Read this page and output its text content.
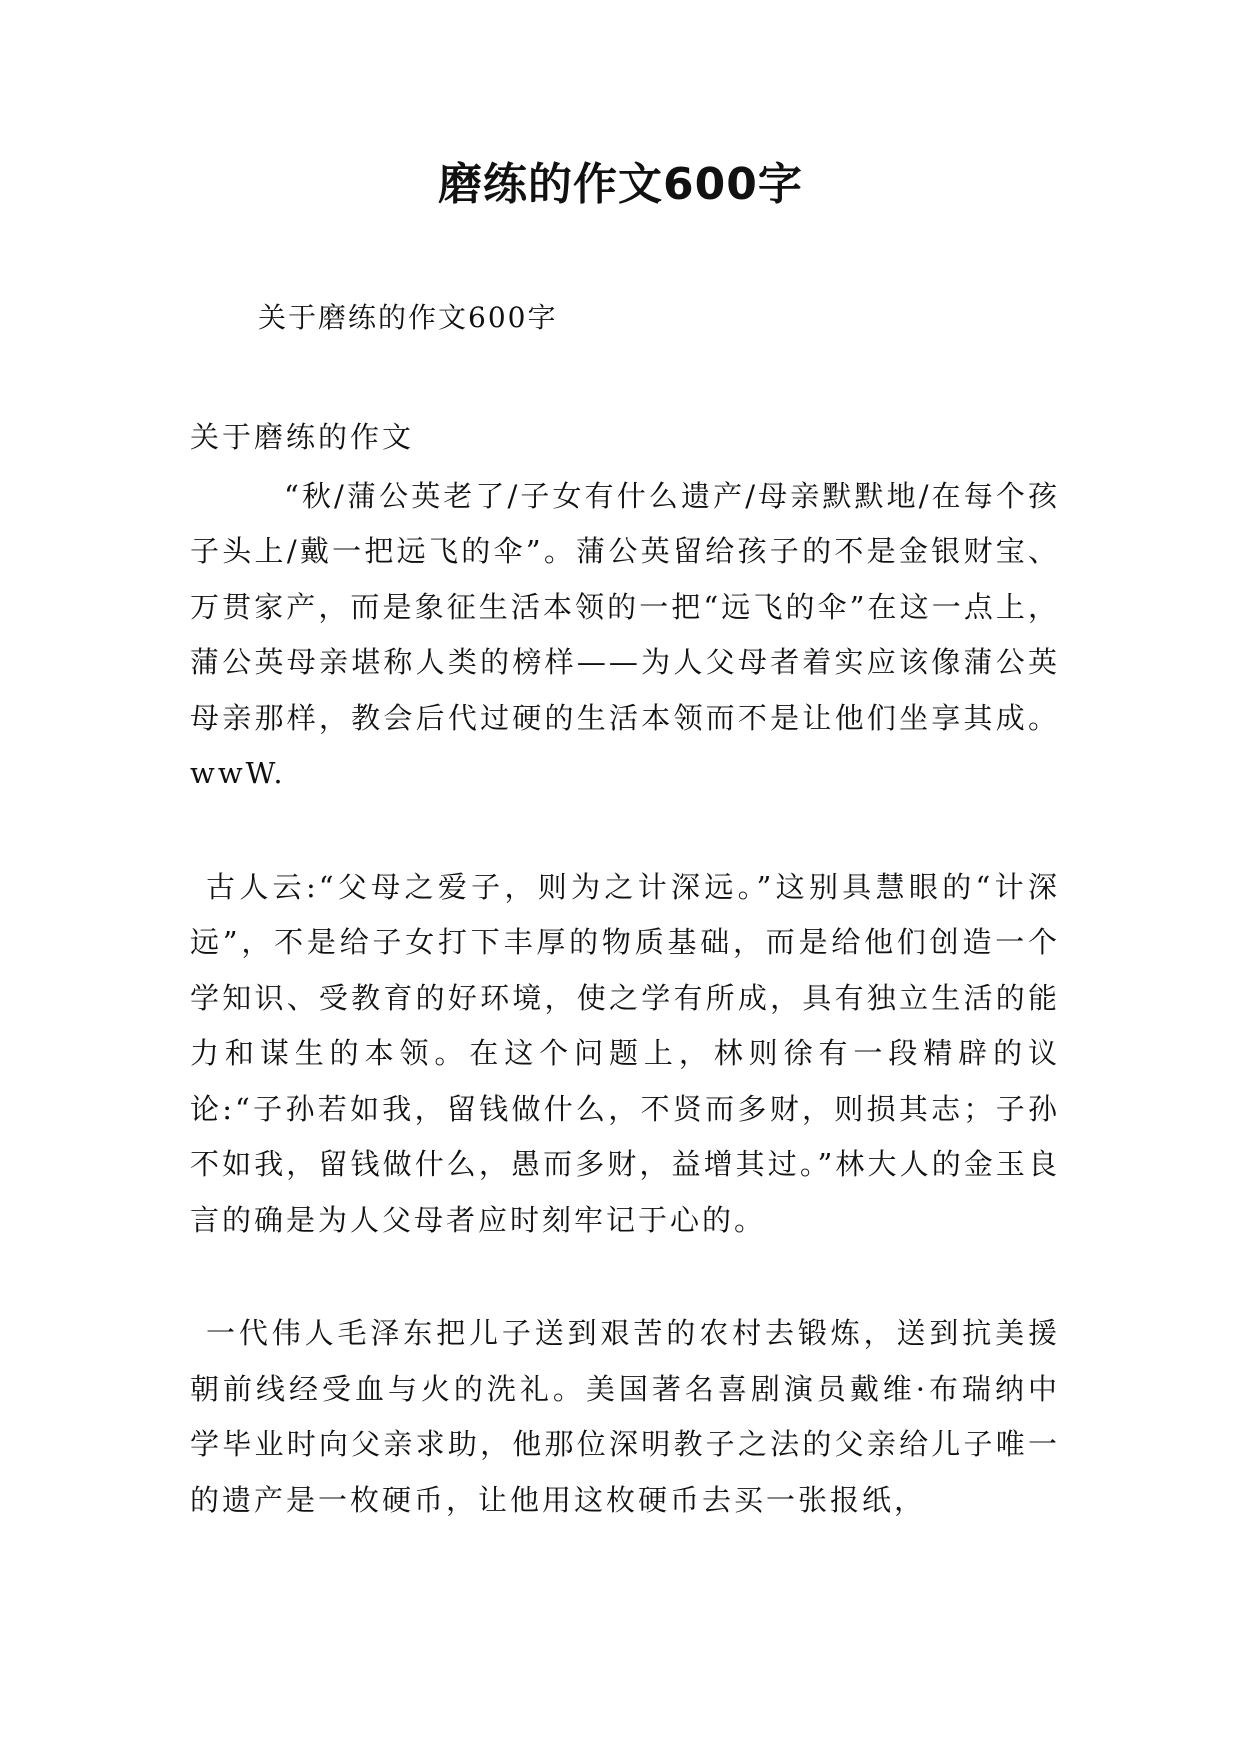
磨练的作文600字

关于磨练的作文600字

关于磨练的作文

“秋/蒲公英老了/子女有什么遗产/母亲默默地/在每个孩子头上/戴一把远飞的伞”。蒲公英留给孩子的不是金银财宝、万贯家产，而是象征生活本领的一把“远飞的伞”在这一点上，蒲公英母亲堪称人类的榜样——为人父母者着实应该像蒲公英母亲那样，教会后代过硬的生活本领而不是让他们坐享其成。wwW.

古人云:“父母之爱子，则为之计深远。”这别具慧眼的“计深远”，不是给子女打下丰厚的物质基础，而是给他们创造一个学知识、受教育的好环境，使之学有所成，具有独立生活的能力和谋生的本领。在这个问题上，林则徐有一段精辟的议论:“子孙若如我，留钱做什么，不贤而多财，则损其志；子孙不如我，留钱做什么，愚而多财，益增其过。”林大人的金玉良言的确是为人父母者应时刻牢记于心的。

一代伟人毛泽东把儿子送到艰苦的农村去锻炼，送到抗美援朝前线经受血与火的洗礼。美国著名喜剧演员戴维·布瑞纳中学毕业时向父亲求助，他那位深明教子之法的父亲给儿子唯一的遗产是一枚硬币，让他用这枚硬币去买一张报纸，
